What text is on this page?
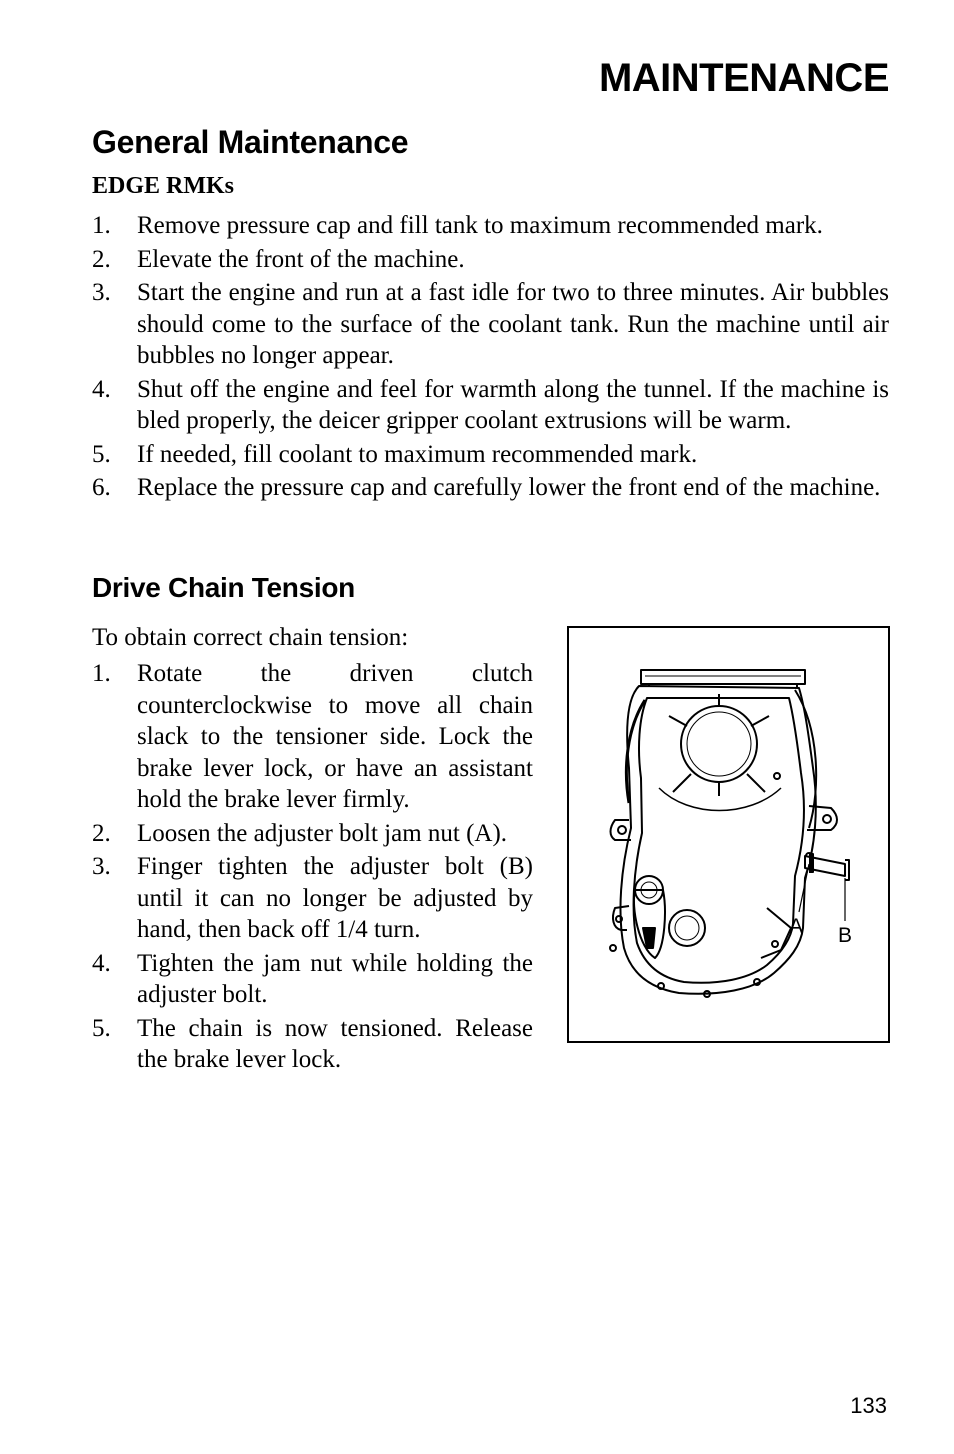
MAINTENANCE
General Maintenance
EDGE RMKs
1. Remove pressure cap and fill tank to maximum recommended mark.
2. Elevate the front of the machine.
3. Start the engine and run at a fast idle for two to three minutes. Air bubbles should come to the surface of the coolant tank. Run the machine until air bubbles no longer appear.
4. Shut off the engine and feel for warmth along the tunnel. If the machine is bled properly, the deicer gripper coolant extrusions will be warm.
5. If needed, fill coolant to maximum recommended mark.
6. Replace the pressure cap and carefully lower the front end of the machine.
Drive Chain Tension

To obtain correct chain tension:

1. Rotate the driven clutch counterclockwise to move all chain slack to the tensioner side. Lock the brake lever lock, or have an assistant hold the brake lever firmly.
2. Loosen the adjuster bolt jam nut (A).
3. Finger tighten the adjuster bolt (B) until it can no longer be adjusted by hand, then back off 1/4 turn.
4. Tighten the jam nut while holding the adjuster bolt.
5. The chain is now tensioned. Release the brake lever lock.
A B

133
